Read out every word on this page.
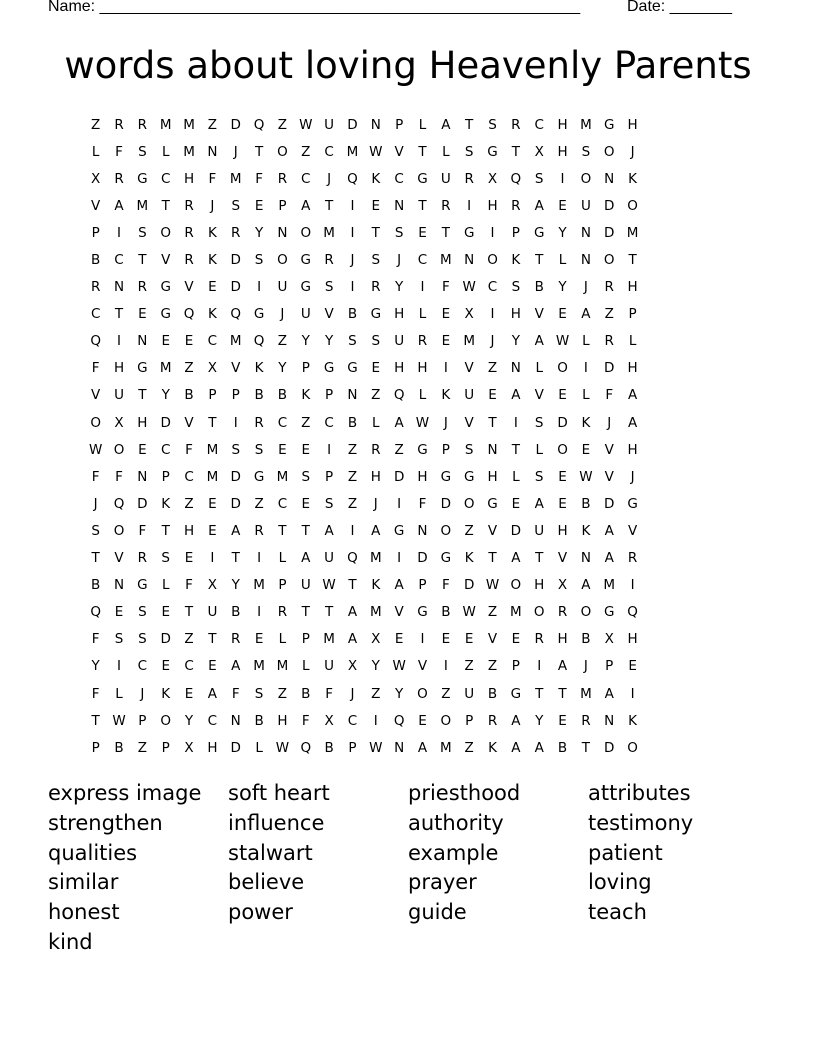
Name: ______________________________________________________	Date: _______
words about loving Heavenly Parents
Z	R	R M M Z	D Q Z W U D N	P	L	A	T	S	R	C	H M G H
L	F	S	L	M N	J	T	O Z	C M W V	T	L	S	G	T	X	H	S	O	J
X	R G C	H	F	M	F	R	C	J	Q	K	C G U	R	X Q	S	I	O N	K
V	A M T	R	J	S	E	P	A	T	I	E	N	T	R	I	H	R	A	E	U D O
P	I	S	O R	K	R	Y	N O M	I	T	S	E	T	G	I	P	G	Y	N D M
B	C	T	V	R	K	D	S	O G R	J	S	J	C M N O	K	T	L	N O	T
R	N	R G V	E	D	I	U G	S	I	R	Y	I	F W C	S	B	Y	J	R	H
C	T	E	G Q	K	Q G	J	U	V	B G H	L	E	X	I	H	V	E	A	Z	P
Q	I	N	E	E	C M Q Z	Y	Y	S	S	U	R	E M	J	Y	A W L	R	L
F	H G M Z	X	V	K	Y	P	G G	E	H H	I	V	Z	N	L	O	I	D H
V	U	T	Y	B	P	P	B	B	K	P	N	Z Q	L	K	U	E	A	V	E	L	F	A
O X	H D	V	T	I	R	C	Z	C	B	L	A W	J	V	T	I	S	D	K	J	A
W O	E	C	F	M S	S	E	E	I	Z	R	Z G	P	S	N	T	L	O	E	V	H
F	F	N	P	C M D G M S	P	Z	H D H G G H	L	S	E W V	J
J	Q D	K	Z	E	D	Z	C	E	S	Z	J	I	F	D O G	E	A	E	B	D G
S	O	F	T	H	E	A	R	T	T	A	I	A G N O Z	V	D U H	K	A	V
T	V	R	S	E	I	T	I	L	A	U Q M	I	D G	K	T	A	T	V	N	A	R
B	N G	L	F	X	Y M P	U W T	K	A	P	F	D W O H	X	A M	I
Q	E	S	E	T	U	B	I	R	T	T	A M V G B W Z M O R O G Q
F	S	S	D	Z	T	R	E	L	P M A	X	E	I	E	E	V	E	R	H	B	X	H
Y	I	C	E	C	E	A M M	L	U	X	Y W V	I	Z	Z	P	I	A	J	P	E
F	L	J	K	E	A	F	S	Z	B	F	J	Z	Y	O Z	U	B G	T	T M A	I
T W P	O	Y	C	N	B	H	F	X	C	I	Q	E	O	P	R	A	Y	E	R	N	K
P	B	Z	P	X	H D	L W Q B	P W N	A M Z	K	A	A	B	T	D O
express image
strengthen
qualities
similar
honest
kind
soft heart
influence
stalwart
believe
power
priesthood
authority
example
prayer
guide
attributes
testimony
patient
loving
teach
